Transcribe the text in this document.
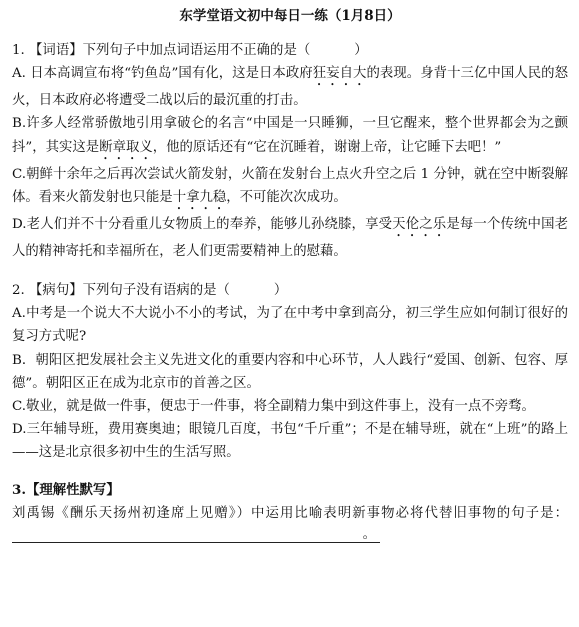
东学堂语文初中每日一练（1月8日）

1. 【词语】下列句子中加点词语运用不正确的是（	）

A. 日本高调宣布将“钓鱼岛”国有化，这是日本政府狂妄自大的表现。身背十三亿中国人民的怒火，日本政府必将遭受二战以后的最沉重的打击。

B.许多人经常骄傲地引用拿破仑的名言“中国是一只睡狮，一旦它醒来，整个世界都会为之颤抖”，其实这是断章取义，他的原话还有“它在沉睡着，谢谢上帝，让它睡下去吧！”

C.朝鲜十余年之后再次尝试火箭发射，火箭在发射台上点火升空之后 1 分钟，就在空中断裂解体。看来火箭发射也只能是十拿九稳，不可能次次成功。

D.老人们并不十分看重儿女物质上的奉养，能够儿孙绕膝，享受天伦之乐是每一个传统中国老人的精神寄托和幸福所在，老人们更需要精神上的慰藉。

2. 【病句】下列句子没有语病的是（	）

A.中考是一个说大不大说小不小的考试，为了在中考中拿到高分，初三学生应如何制订很好的复习方式呢?

B．朝阳区把发展社会主义先进文化的重要内容和中心环节，人人践行“爱国、创新、包容、厚德”。朝阳区正在成为北京市的首善之区。

C.敬业，就是做一件事，便忠于一件事，将全副精力集中到这件事上，没有一点不旁骛。

D.三年辅导班，费用赛奥迪；眼镜几百度，书包“千斤重”；不是在辅导班，就在“上班”的路上——这是北京很多初中生的生活写照。

3.【理解性默写】

刘禹锡《酬乐天扬州初逢席上见赠》）中运用比喻表明新事物必将代替旧事物的句子是：
。
